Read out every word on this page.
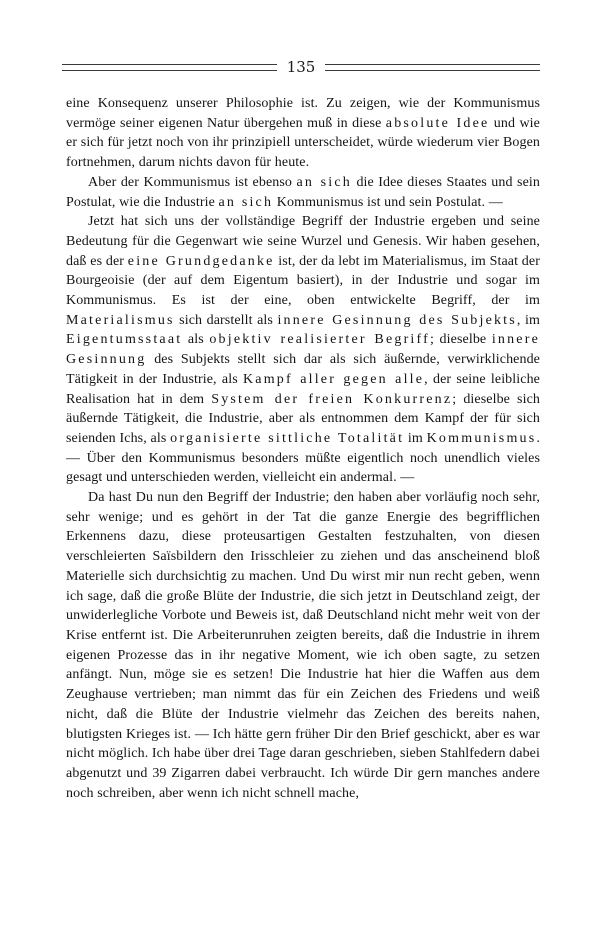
135

eine Konsequenz unserer Philosophie ist. Zu zeigen, wie der Kommunismus vermöge seiner eigenen Natur übergehen muß in diese absolute Idee und wie er sich für jetzt noch von ihr prinzipiell unterscheidet, würde wiederum vier Bogen fortnehmen, darum nichts davon für heute.

Aber der Kommunismus ist ebenso an sich die Idee dieses Staates und sein Postulat, wie die Industrie an sich Kommunismus ist und sein Postulat. —

Jetzt hat sich uns der vollständige Begriff der Industrie ergeben und seine Bedeutung für die Gegenwart wie seine Wurzel und Genesis. Wir haben gesehen, daß es der eine Grundgedanke ist, der da lebt im Materialismus, im Staat der Bourgeoisie (der auf dem Eigentum basiert), in der Industrie und sogar im Kommunismus. Es ist der eine, oben entwickelte Begriff, der im Materialismus sich darstellt als innere Gesinnung des Subjekts, im Eigentumsstaat als objektiv realisierter Begriff; dieselbe innere Gesinnung des Subjekts stellt sich dar als sich äußernde, verwirklichende Tätigkeit in der Industrie, als Kampf aller gegen alle, der seine leibliche Realisation hat in dem System der freien Konkurrenz; dieselbe sich äußernde Tätigkeit, die Industrie, aber als entnommen dem Kampf der für sich seienden Ichs, als organisierte sittliche Totalität im Kommunismus. — Über den Kommunismus besonders müßte eigentlich noch unendlich vieles gesagt und unterschieden werden, vielleicht ein andermal. —

Da hast Du nun den Begriff der Industrie; den haben aber vorläufig noch sehr, sehr wenige; und es gehört in der Tat die ganze Energie des begrifflichen Erkennens dazu, diese proteusartigen Gestalten festzuhalten, von diesen verschleierten Saïsbildern den Irisschleier zu ziehen und das anscheinend bloß Materielle sich durchsichtig zu machen. Und Du wirst mir nun recht geben, wenn ich sage, daß die große Blüte der Industrie, die sich jetzt in Deutschland zeigt, der unwiderlegliche Vorbote und Beweis ist, daß Deutschland nicht mehr weit von der Krise entfernt ist. Die Arbeiterunruhen zeigten bereits, daß die Industrie in ihrem eigenen Prozesse das in ihr negative Moment, wie ich oben sagte, zu setzen anfängt. Nun, möge sie es setzen! Die Industrie hat hier die Waffen aus dem Zeughause vertrieben; man nimmt das für ein Zeichen des Friedens und weiß nicht, daß die Blüte der Industrie vielmehr das Zeichen des bereits nahen, blutigsten Krieges ist. — Ich hätte gern früher Dir den Brief geschickt, aber es war nicht möglich. Ich habe über drei Tage daran geschrieben, sieben Stahlfedern dabei abgenutzt und 39 Zigarren dabei verbraucht. Ich würde Dir gern manches andere noch schreiben, aber wenn ich nicht schnell mache,
